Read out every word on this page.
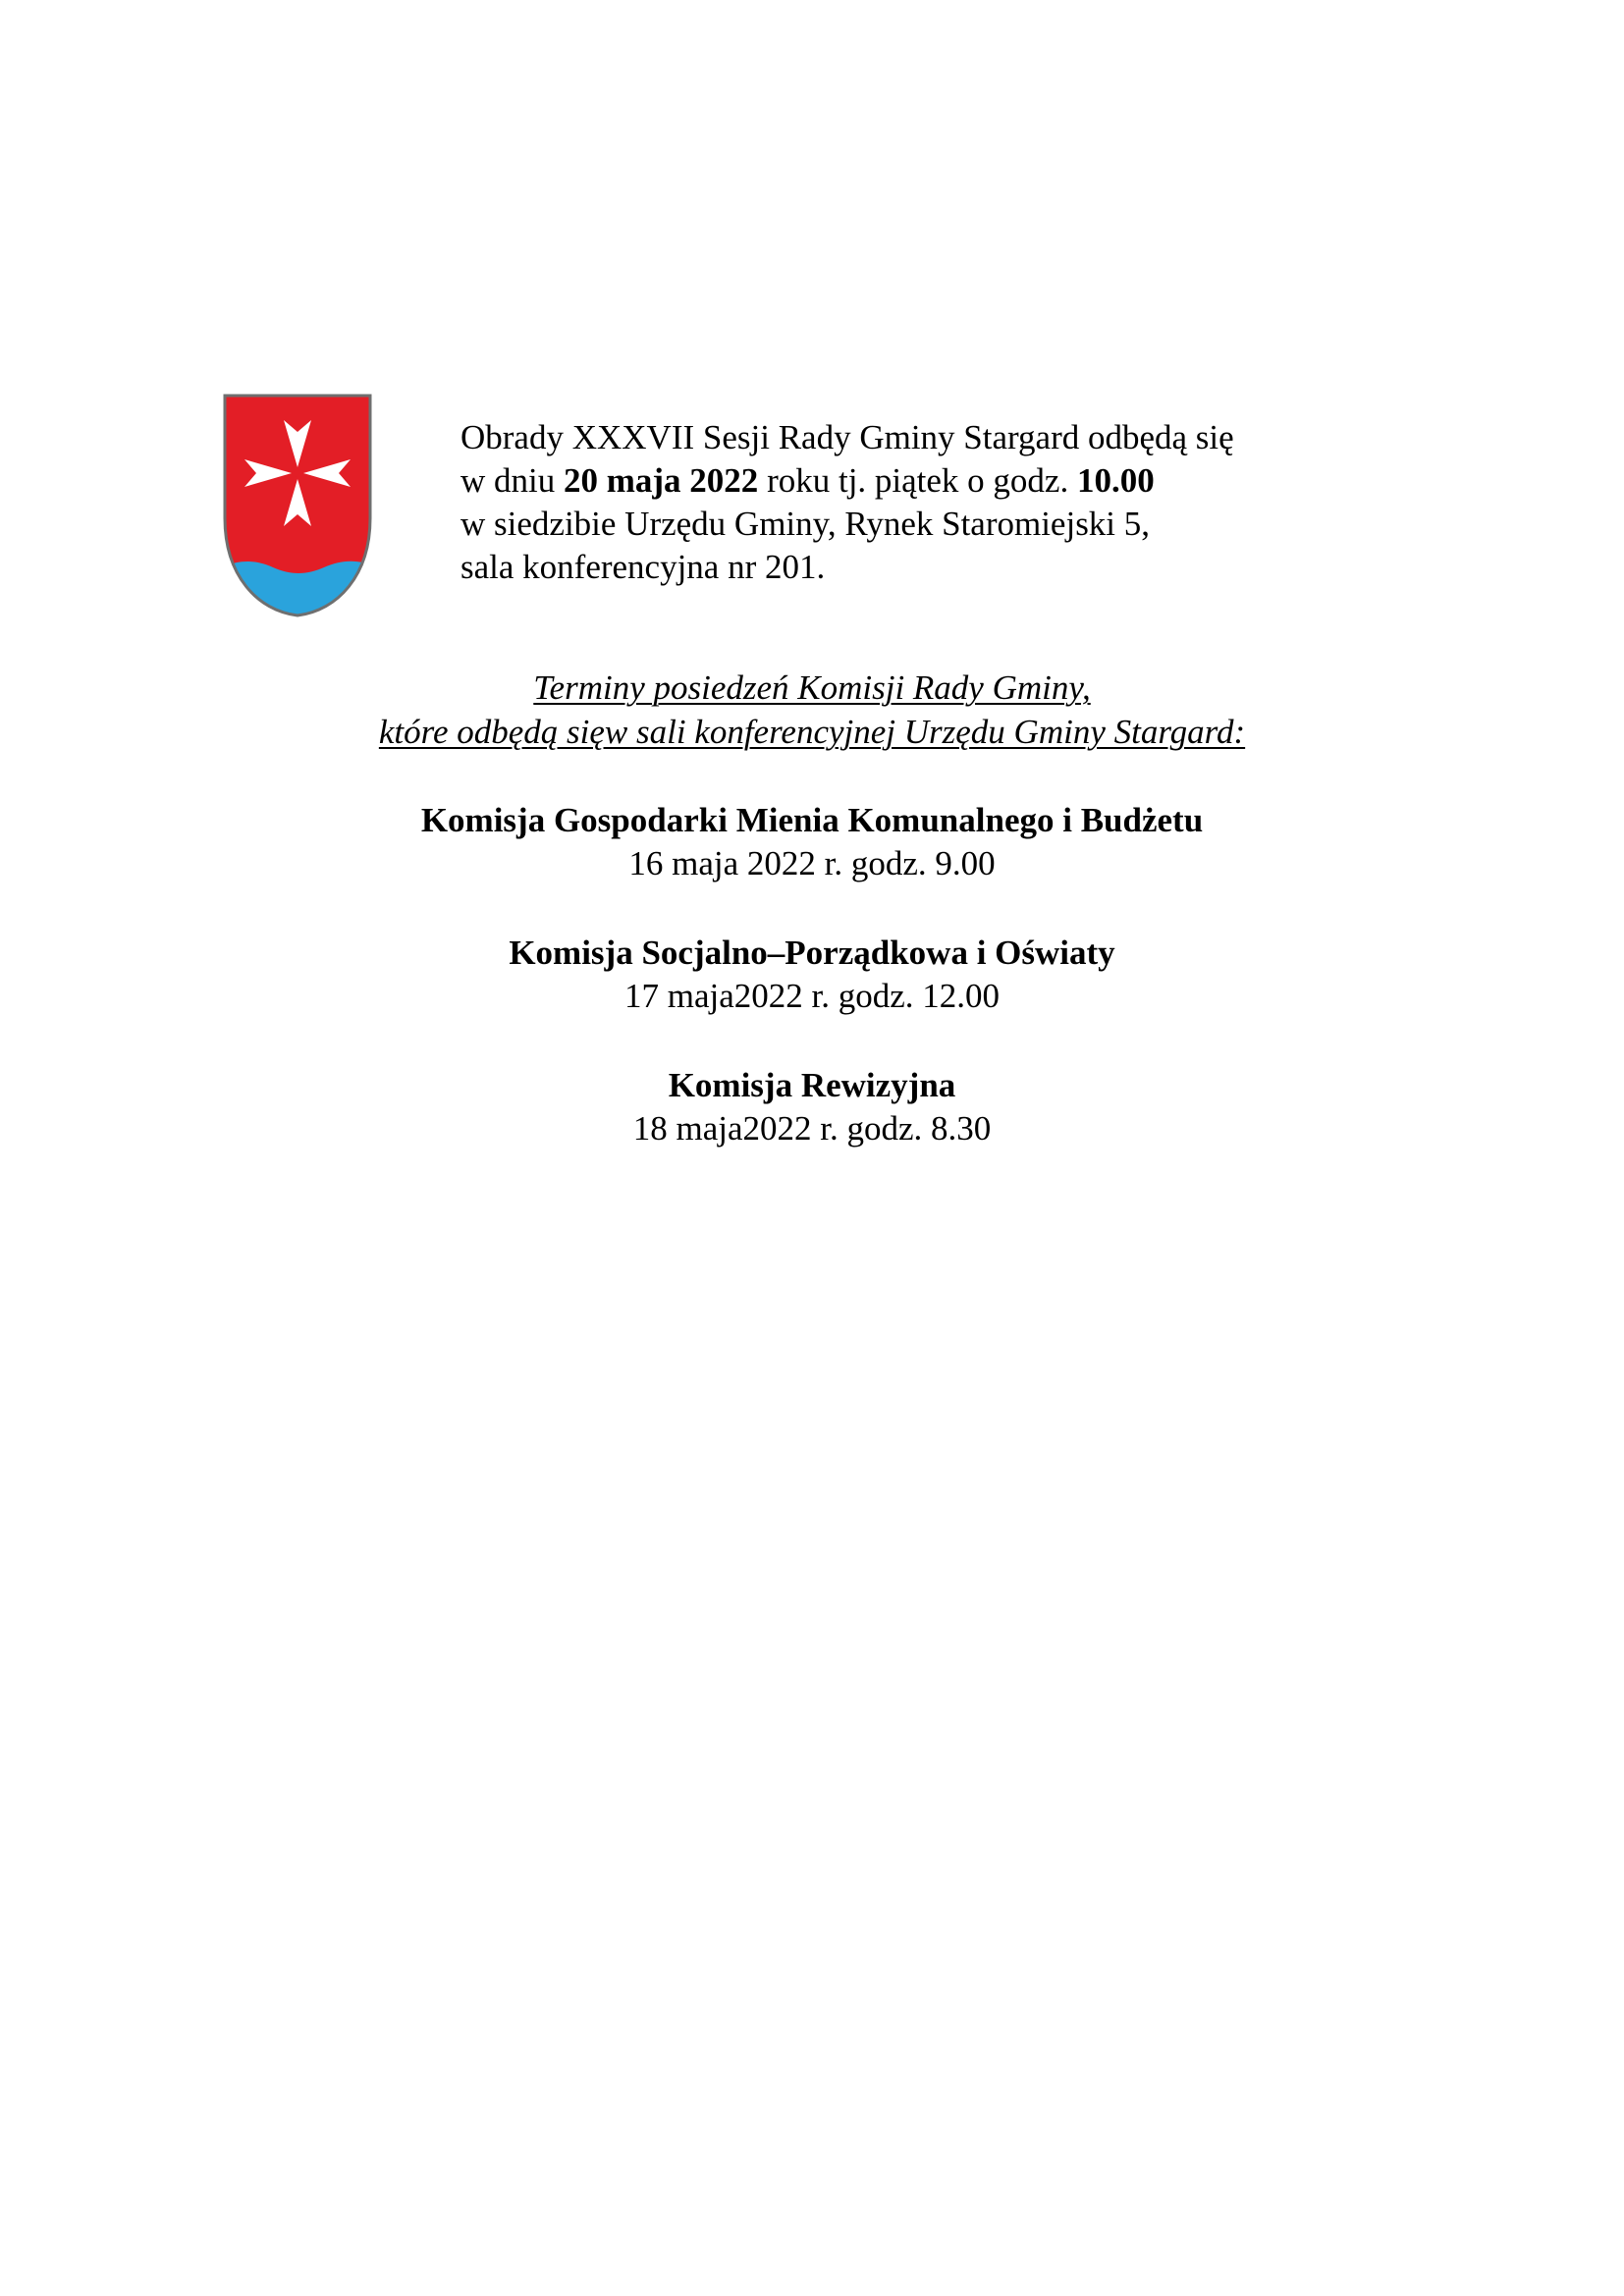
Obrady XXXVII Sesji Rady Gminy Stargard odbędą się
w dniu 20 maja 2022 roku tj. piątek o godz. 10.00
w siedzibie Urzędu Gminy, Rynek Staromiejski 5,
sala konferencyjna nr 201.
Terminy posiedzeń Komisji Rady Gminy,
które odbędą sięw sali konferencyjnej Urzędu Gminy Stargard:
Komisja Gospodarki Mienia Komunalnego i Budżetu
16 maja 2022 r. godz. 9.00
Komisja Socjalno–Porządkowa i Oświaty
17 maja2022 r. godz. 12.00
Komisja Rewizyjna
18 maja2022 r. godz. 8.30
